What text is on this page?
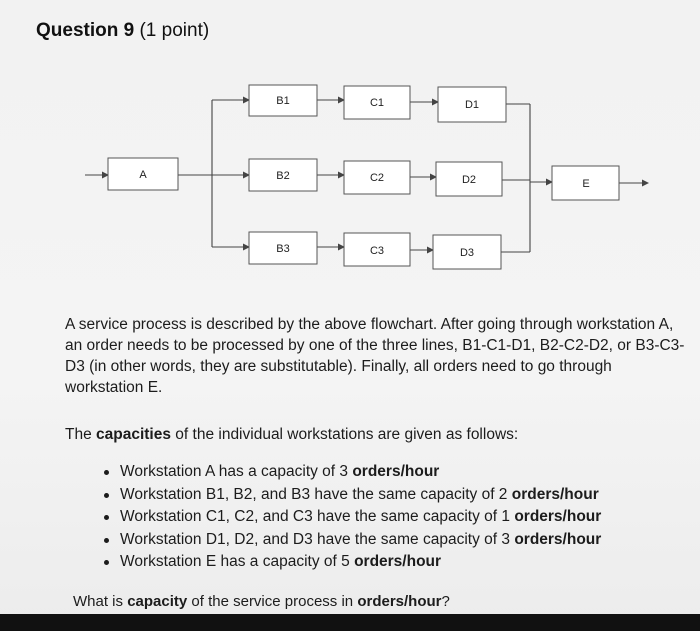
Question 9 (1 point)
A
B1
B2
B3
C1
C2
C3
D1
D2
D3
E
A service process is described by the above flowchart. After going through workstation A, an order needs to be processed by one of the three lines, B1-C1-D1, B2-C2-D2, or B3-C3-D3 (in other words, they are substitutable). Finally, all orders need to go through workstation E.
The capacities of the individual workstations are given as follows:
Workstation A has a capacity of 3 orders/hour
Workstation B1, B2, and B3 have the same capacity of 2 orders/hour
Workstation C1, C2, and C3 have the same capacity of 1 orders/hour
Workstation D1, D2, and D3 have the same capacity of 3 orders/hour
Workstation E has a capacity of 5 orders/hour
What is capacity of the service process in orders/hour?
